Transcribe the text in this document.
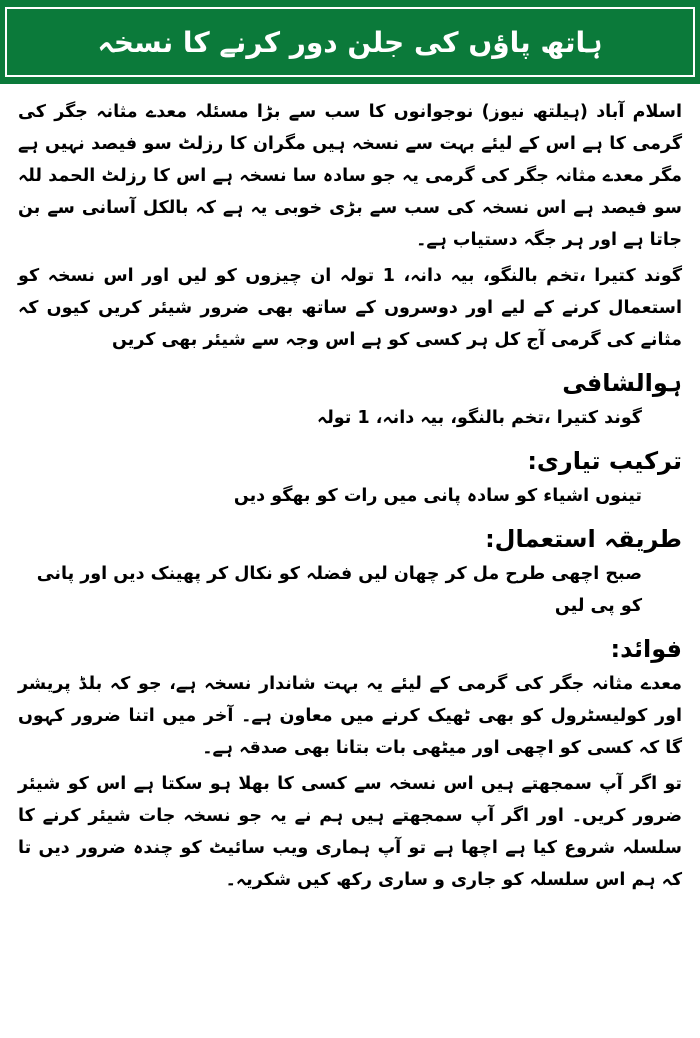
ہاتھ پاؤں کی جلن دور کرنے کا نسخہ

اسلام آباد (ہیلتھ نیوز) نوجوانوں کا سب سے بڑا مسئلہ معدے مثانہ جگر کی گرمی کا ہے اس کے لیئے بہت سے نسخہ ہیں مگران کا رزلٹ سو فیصد نہیں ہے مگر معدے مثانہ جگر کی گرمی یہ جو سادہ سا نسخہ ہے اس کا رزلٹ الحمد للہ سو فیصد ہے اس نسخہ کی سب سے بڑی خوبی یہ ہے کہ بالکل آسانی سے بن جاتا ہے اور ہر جگہ دستیاب ہے۔

گوند کتیرا ،تخم بالنگو، بیہ دانہ، 1 تولہ ان چیزوں کو لیں اور اس نسخہ کو استعمال کرنے کے لیے اور دوسروں کے ساتھ بھی ضرور شیئر کریں کیوں کہ مثانے کی گرمی آج کل ہر کسی کو ہے اس وجہ سے شیئر بھی کریں

ہوالشافی

گوند کتیرا ،تخم بالنگو، بیہ دانہ، 1 تولہ

ترکیب تیاری:

تینوں اشیاء کو سادہ پانی میں رات کو بھگو دیں

طریقہ استعمال:

صبح اچھی طرح مل کر چھان لیں فضلہ کو نکال کر پھینک دیں اور پانی کو پی لیں

فوائد:

معدے مثانہ جگر کی گرمی کے لیئے یہ بہت شاندار نسخہ ہے، جو کہ بلڈ پریشر اور کولیسٹرول کو بھی ٹھیک کرنے میں معاون ہے۔ آخر میں اتنا ضرور کہوں گا کہ کسی کو اچھی اور میٹھی بات بتانا بھی صدقہ ہے۔

تو اگر آپ سمجھتے ہیں اس نسخہ سے کسی کا بھلا ہو سکتا ہے اس کو شیئر ضرور کریں۔ اور اگر آپ سمجھتے ہیں ہم نے یہ جو نسخہ جات شیئر کرنے کا سلسلہ شروع کیا ہے اچھا ہے تو آپ ہماری ویب سائیٹ کو چندہ ضرور دیں تا کہ ہم اس سلسلہ کو جاری و ساری رکھ کیں شکریہ۔
